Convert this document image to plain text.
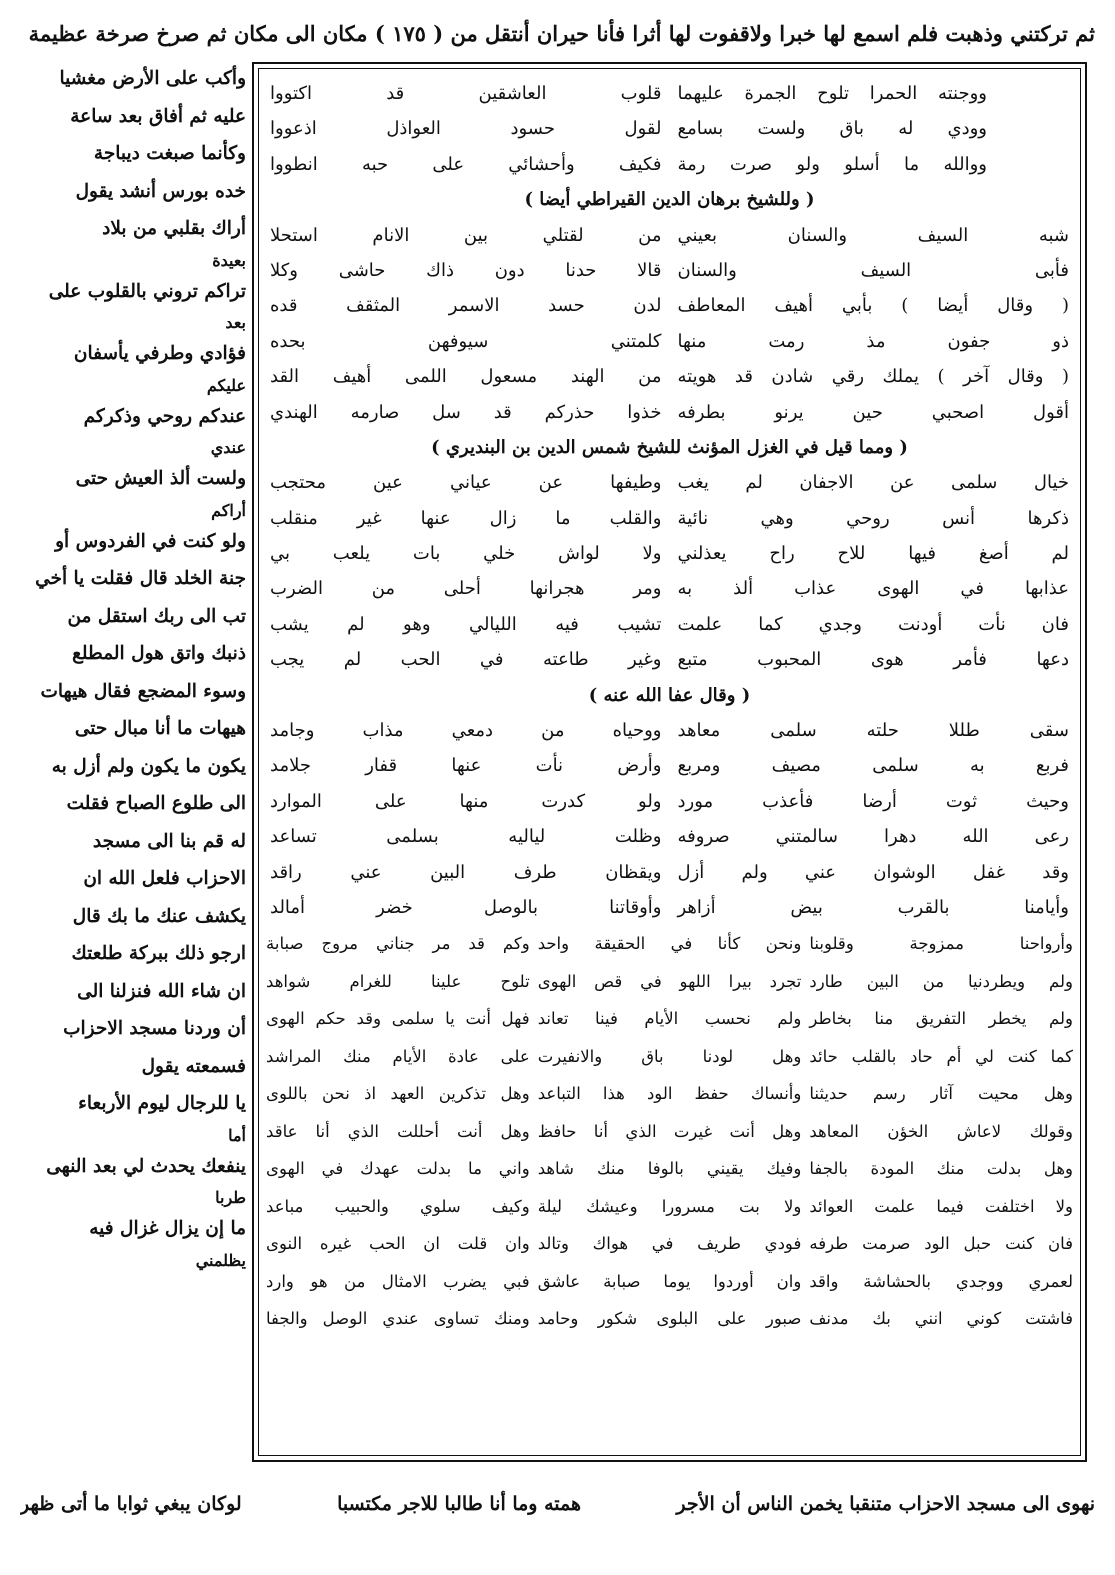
ثم تركتني وذهبت فلم اسمع لها خبرا ولاقفوت لها أثرا فأنا حيران أنتقل من ( ١٧٥ ) مكان الى مكان ثم صرخ صرخة عظيمة
وأكب على الأرض مغشيا
عليه ثم أفاق بعد ساعة
وكأنما صبغت ديباجة
خده بورس أنشد يقول
أراك بقلبي من بلاد
بعيدة
تراكم تروني بالقلوب على
بعد
فؤادي وطرفي يأسفان
عليكم
عندكم روحي وذكركم
عندي
ولست ألذ العيش حتى
أراكم
ولو كنت في الفردوس أو
جنة الخلد قال فقلت يا أخي
تب الى ربك استقل من
ذنبك واتق هول المطلع
وسوء المضجع فقال هيهات
هيهات ما أنا مبال حتى
يكون ما يكون ولم أزل به
الى طلوع الصباح فقلت
له قم بنا الى مسجد
الاحزاب فلعل الله ان
يكشف عنك ما بك قال
ارجو ذلك ببركة طلعتك
ان شاء الله فنزلنا الى
أن وردنا مسجد الاحزاب
فسمعته يقول
يا للرجال ليوم الأربعاء
أما
ينفعك يحدث لي بعد النهى
طربا
ما إن يزال غزال فيه
يظلمني
ووجنته الحمرا تلوح الجمرة عليهما
قلوب العاشقين قد اكتووا
وودي له باق ولست بسامع
لقول حسود العواذل اذعووا
ووالله ما أسلو ولو صرت رمة
فكيف وأحشائي على حبه انطووا
( وللشيخ برهان الدين القيراطي أيضا )
شبه السيف والسنان بعيني
من لقتلي بين الانام استحلا
فأبى السيف والسنان
قالا حدنا دون ذاك حاشى وكلا
( وقال أيضا ) بأبي أهيف المعاطف
لدن حسد الاسمر المثقف قده
ذو جفون مذ رمت منها
كلمتني سيوفهن بحده
( وقال آخر ) يملك رقي شادن قد هويته
من الهند مسعول اللمى أهيف القد
أقول اصحبي حين يرنو بطرفه
خذوا حذركم قد سل صارمه الهندي
( ومما قيل في الغزل المؤنث للشيخ شمس الدين بن البنديري )
خيال سلمى عن الاجفان لم يغب
وطيفها عن عياني عين محتجب
ذكرها أنس روحي وهي نائية
والقلب ما زال عنها غير منقلب
لم أصغ فيها للاح راح يعذلني
ولا لواش خلي بات يلعب بي
عذابها في الهوى عذاب ألذ به
ومر هجرانها أحلى من الضرب
فان نأت أودنت وجدي كما علمت
تشيب فيه الليالي وهو لم يشب
دعها فأمر هوى المحبوب متبع
وغير طاعته في الحب لم يجب
( وقال عفا الله عنه )
سقى طللا حلته سلمى معاهد
ووحياه من دمعي مذاب وجامد
فربع به سلمى مصيف ومربع
وأرض نأت عنها قفار جلامد
وحيث ثوت أرضا فأعذب مورد
ولو كدرت منها على الموارد
رعى الله دهرا سالمتني صروفه
وظلت لياليه بسلمى تساعد
وقد غفل الوشوان عني ولم أزل
ويقظان طرف البين عني راقد
وأيامنا بالقرب بيض أزاهر
وأوقاتنا بالوصل خضر أمالد
وأرواحنا ممزوجة وقلوبنا
ونحن كأنا في الحقيقة واحد
وكم قد مر جناني مروج صبابة
ولم ويطردنيا من البين طارد
تجرد بيرا اللهو في قص الهوى
تلوح علينا للغرام شواهد
ولم يخطر التفريق منا بخاطر
ولم نحسب الأيام فينا تعاند
فهل أنت يا سلمى وقد حكم الهوى
كما كنت لي أم حاد بالقلب حائد
وهل لودنا باق والانفيرت
على عادة الأيام منك المراشد
وهل محيت آثار رسم حديثنا
وأنساك حفظ الود هذا التباعد
وهل تذكرين العهد اذ نحن باللوى
وقولك لاعاش الخؤن المعاهد
وهل أنت غيرت الذي أنا حافظ
وهل أنت أحللت الذي أنا عاقد
وهل بدلت منك المودة بالجفا
وفيك يقيني بالوفا منك شاهد
واني ما بدلت عهدك في الهوى
ولا اختلفت فيما علمت العوائد
ولا بت مسرورا وعيشك ليلة
وكيف سلوي والحبيب مباعد
فان كنت حبل الود صرمت طرفه
فودي طريف في هواك وتالد
وان قلت ان الحب غيره النوى
لعمري ووجدي بالحشاشة واقد
وان أوردوا يوما صبابة عاشق
فبي يضرب الامثال من هو وارد
فاشتت كوني انني بك مدنف
صبور على البلوى شكور وحامد
ومنك تساوى عندي الوصل والجفا
نهوى الى مسجد الاحزاب متنقبا يخمن الناس أن الأجر
همته وما أنا طالبا للاجر مكتسبا
لوكان يبغي ثوابا ما أتى ظهر
